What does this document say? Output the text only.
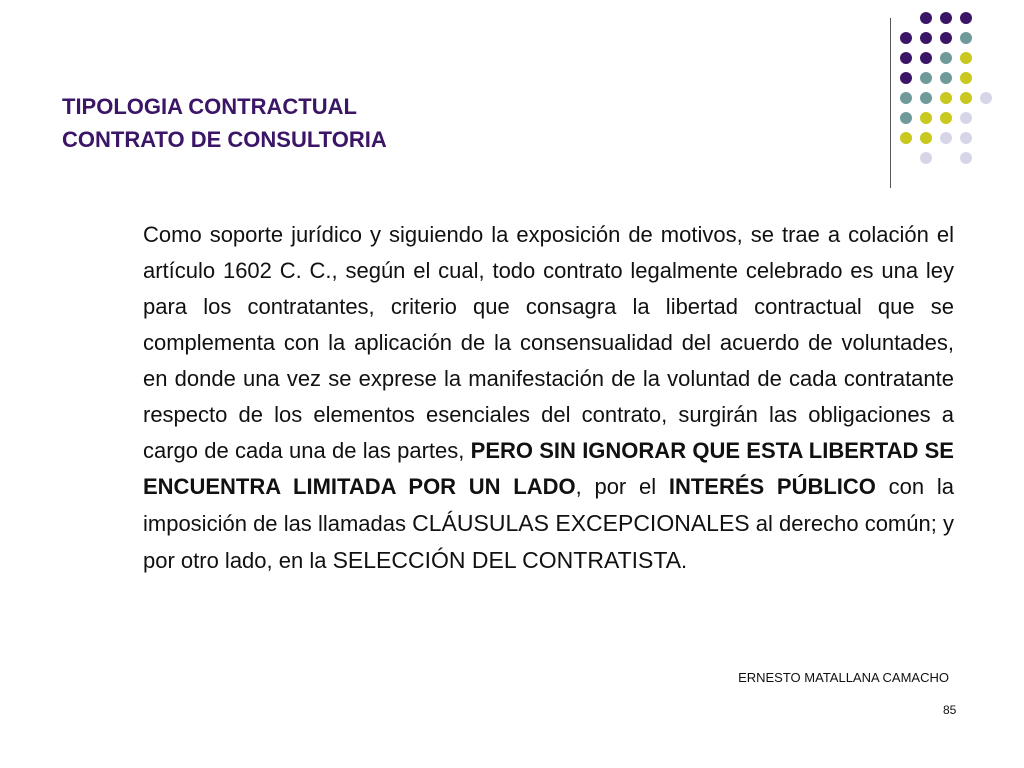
TIPOLOGIA CONTRACTUAL
CONTRATO DE CONSULTORIA
Como soporte jurídico y siguiendo la exposición de motivos, se trae a colación el artículo 1602 C. C., según el cual, todo contrato legalmente celebrado es una ley para los contratantes, criterio que consagra la libertad contractual que se complementa con la aplicación de la consensualidad del acuerdo de voluntades, en donde una vez se exprese la manifestación de la voluntad de cada contratante respecto de los elementos esenciales del contrato, surgirán las obligaciones a cargo de cada una de las partes, PERO SIN IGNORAR QUE ESTA LIBERTAD SE ENCUENTRA LIMITADA POR UN LADO, por el INTERÉS PÚBLICO con la imposición de las llamadas CLÁUSULAS EXCEPCIONALES al derecho común; y por otro lado, en la SELECCIÓN DEL CONTRATISTA.
ERNESTO MATALLANA CAMACHO
85
